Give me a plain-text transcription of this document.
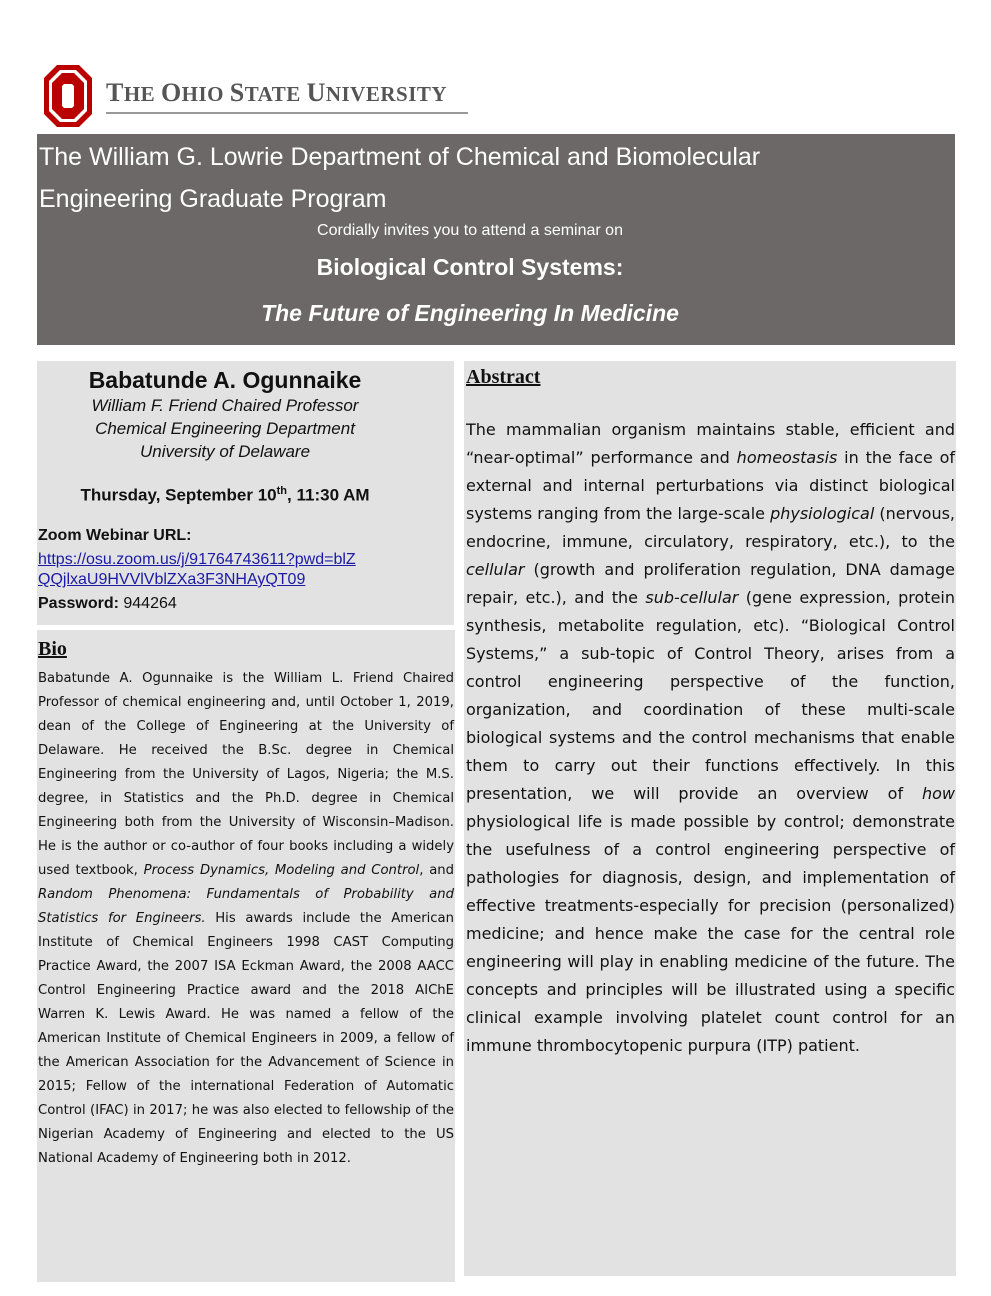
THE OHIO STATE UNIVERSITY
The William G. Lowrie Department of Chemical and Biomolecular
Engineering Graduate Program
Cordially invites you to attend a seminar on
Biological Control Systems:
The Future of Engineering In Medicine
Babatunde A. Ogunnaike
William F. Friend Chaired Professor
Chemical Engineering Department
University of Delaware
Thursday, September 10th, 11:30 AM
Zoom Webinar URL:
https://osu.zoom.us/j/91764743611?pwd=blZ
QQjlxaU9HVVlVblZXa3F3NHAyQT09
Password: 944264
Bio
Babatunde A. Ogunnaike is the William L. Friend Chaired Professor of chemical engineering and, until October 1, 2019, dean of the College of Engineering at the University of Delaware. He received the B.Sc. degree in Chemical Engineering from the University of Lagos, Nigeria; the M.S. degree, in Statistics and the Ph.D. degree in Chemical Engineering both from the University of Wisconsin–Madison. He is the author or co-author of four books including a widely used textbook, Process Dynamics, Modeling and Control, and Random Phenomena: Fundamentals of Probability and Statistics for Engineers. His awards include the American Institute of Chemical Engineers 1998 CAST Computing Practice Award, the 2007 ISA Eckman Award, the 2008 AACC Control Engineering Practice award and the 2018 AIChE Warren K. Lewis Award. He was named a fellow of the American Institute of Chemical Engineers in 2009, a fellow of the American Association for the Advancement of Science in 2015; Fellow of the international Federation of Automatic Control (IFAC) in 2017; he was also elected to fellowship of the Nigerian Academy of Engineering and elected to the US National Academy of Engineering both in 2012.
Abstract
The mammalian organism maintains stable, efficient and “near-optimal” performance and homeostasis in the face of external and internal perturbations via distinct biological systems ranging from the large-scale physiological (nervous, endocrine, immune, circulatory, respiratory, etc.), to the cellular (growth and proliferation regulation, DNA damage repair, etc.), and the sub-cellular (gene expression, protein synthesis, metabolite regulation, etc). “Biological Control Systems,” a sub-topic of Control Theory, arises from a control engineering perspective of the function, organization, and coordination of these multi-scale biological systems and the control mechanisms that enable them to carry out their functions effectively. In this presentation, we will provide an overview of how physiological life is made possible by control; demonstrate the usefulness of a control engineering perspective of pathologies for diagnosis, design, and implementation of effective treatments-especially for precision (personalized) medicine; and hence make the case for the central role engineering will play in enabling medicine of the future. The concepts and principles will be illustrated using a specific clinical example involving platelet count control for an immune thrombocytopenic purpura (ITP) patient.
